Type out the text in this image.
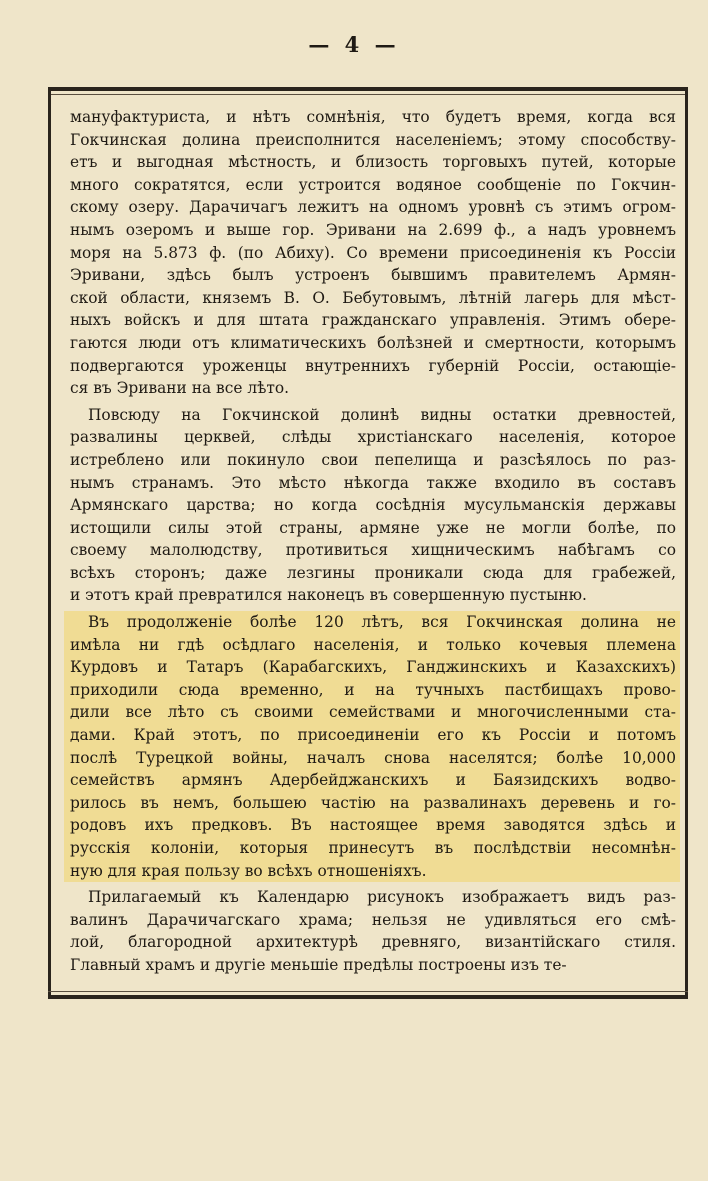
— 4 —
мануфактуриста, и нѣтъ сомнѣнія, что будетъ время, когда вся
Гокчинская долина преисполнится населеніемъ; этому способству-
етъ и выгодная мѣстность, и близость торговыхъ путей, которые
много сократятся, если устроится водяное сообщеніе по Гокчин-
скому озеру. Дарачичагъ лежитъ на одномъ уровнѣ съ этимъ огром-
нымъ озеромъ и выше гор. Эривани на 2.699 ф., а надъ уровнемъ
моря на 5.873 ф. (по Абиху). Со времени присоединенія къ Россіи
Эривани, здѣсь былъ устроенъ бывшимъ правителемъ Армян-
ской области, княземъ В. О. Бебутовымъ, лѣтній лагерь для мѣст-
ныхъ войскъ и для штата гражданскаго управленія. Этимъ обере-
гаются люди отъ климатическихъ болѣзней и смертности, которымъ
подвергаются уроженцы внутреннихъ губерній Россіи, остающіе-
ся въ Эривани на все лѣто.
Повсюду на Гокчинской долинѣ видны остатки древностей,
развалины церквей, слѣды христіанскаго населенія, которое
истреблено или покинуло свои пепелища и разсѣялось по раз-
нымъ странамъ. Это мѣсто нѣкогда также входило въ составъ
Армянскаго царства; но когда сосѣднія мусульманскія державы
истощили силы этой страны, армяне уже не могли болѣе, по
своему малолюдству, противиться хищническимъ набѣгамъ со
всѣхъ сторонъ; даже лезгины проникали сюда для грабежей,
и этотъ край превратился наконецъ въ совершенную пустыню.
Въ продолженіе болѣе 120 лѣтъ, вся Гокчинская долина не
имѣла ни гдѣ осѣдлаго населенія, и только кочевыя племена
Курдовъ и Татаръ (Карабагскихъ, Ганджинскихъ и Казахскихъ)
приходили сюда временно, и на тучныхъ пастбищахъ прово-
дили все лѣто съ своими семействами и многочисленными ста-
дами. Край этотъ, по присоединеніи его къ Россіи и потомъ
послѣ Турецкой войны, началъ снова населятся; болѣе 10,000
семействъ армянъ Адербейджанскихъ и Баязидскихъ водво-
рилось въ немъ, большею частію на развалинахъ деревень и го-
родовъ ихъ предковъ. Въ настоящее время заводятся здѣсь и
русскія колоніи, которыя принесутъ въ послѣдствіи несомнѣн-
ную для края пользу во всѣхъ отношеніяхъ.
Прилагаемый къ Календарю рисунокъ изображаетъ видъ раз-
валинъ Дарачичагскаго храма; нельзя не удивляться его смѣ-
лой, благородной архитектурѣ древняго, византійскаго стиля.
Главный храмъ и другіе меньшіе предѣлы построены изъ те-
